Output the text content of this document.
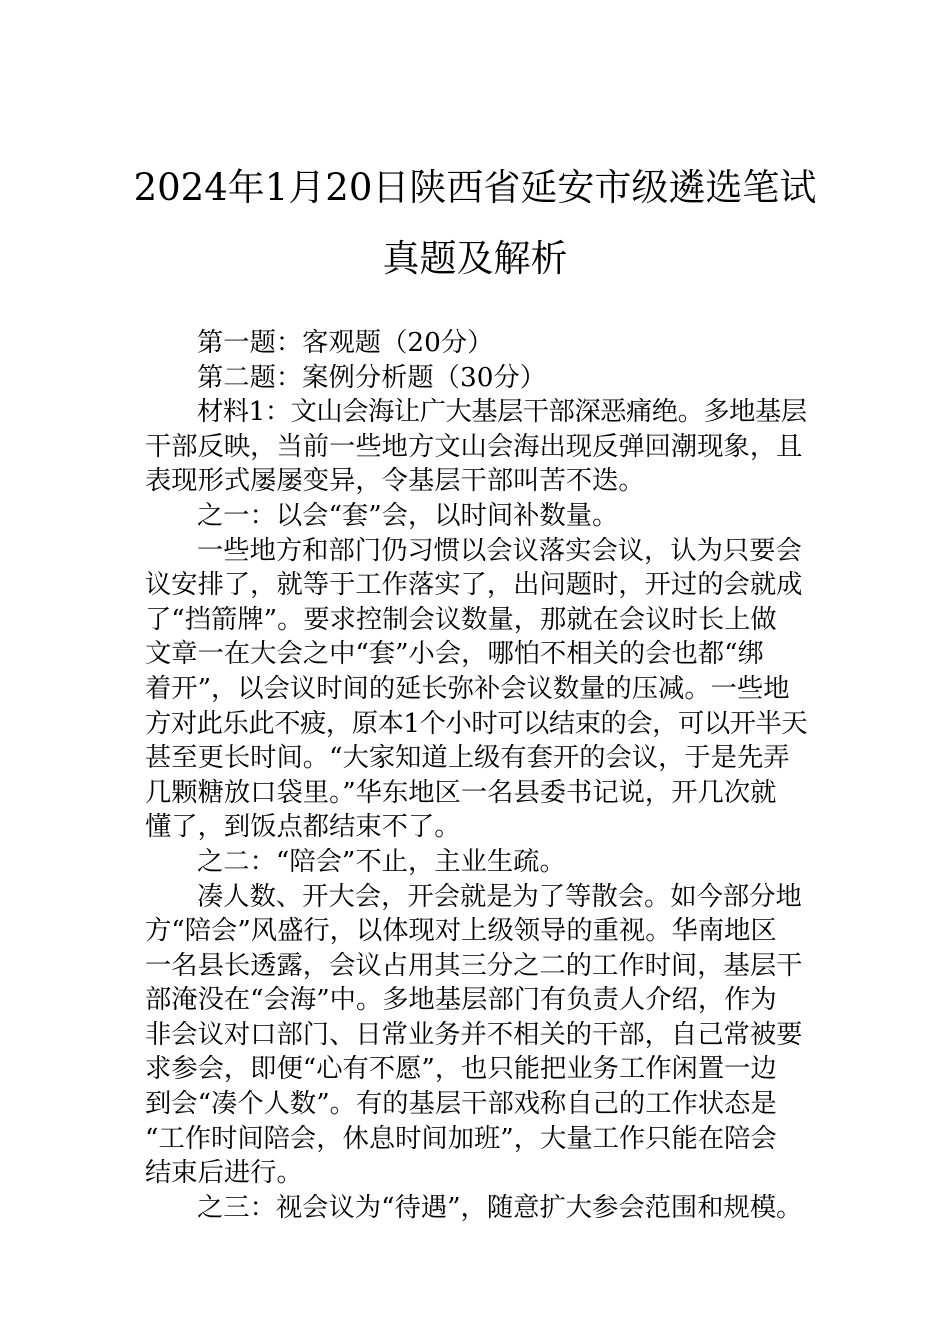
2024年1月20日陕西省延安市级遴选笔试
真题及解析
第一题：客观题（20分）
第二题：案例分析题（30分）
材料1：文山会海让广大基层干部深恶痛绝。多地基层
干部反映，当前一些地方文山会海出现反弹回潮现象，且
表现形式屡屡变异，令基层干部叫苦不迭。
之一：以会“套”会，以时间补数量。
一些地方和部门仍习惯以会议落实会议，认为只要会
议安排了，就等于工作落实了，出问题时，开过的会就成
了“挡箭牌”。要求控制会议数量，那就在会议时长上做
文章一在大会之中“套”小会，哪怕不相关的会也都“绑
着开”，以会议时间的延长弥补会议数量的压减。一些地
方对此乐此不疲，原本1个小时可以结束的会，可以开半天
甚至更长时间。“大家知道上级有套开的会议，于是先弄
几颗糖放口袋里。”华东地区一名县委书记说，开几次就
懂了，到饭点都结束不了。
之二：“陪会”不止，主业生疏。
凑人数、开大会，开会就是为了等散会。如今部分地
方“陪会”风盛行，以体现对上级领导的重视。华南地区
一名县长透露，会议占用其三分之二的工作时间，基层干
部淹没在“会海”中。多地基层部门有负责人介绍，作为
非会议对口部门、日常业务并不相关的干部，自己常被要
求参会，即便“心有不愿”，也只能把业务工作闲置一边
到会“凑个人数”。有的基层干部戏称自己的工作状态是
“工作时间陪会，休息时间加班”，大量工作只能在陪会
结束后进行。
之三：视会议为“待遇”，随意扩大参会范围和规模。
